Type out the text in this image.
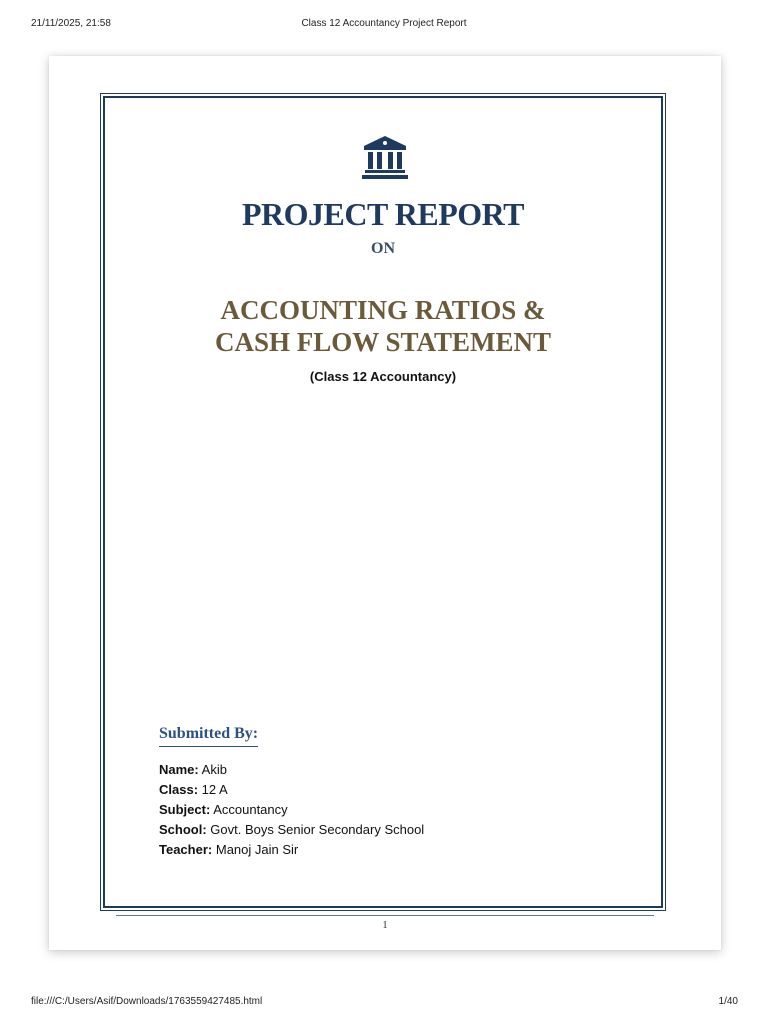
21/11/2025, 21:58	Class 12 Accountancy Project Report
PROJECT REPORT
ON
ACCOUNTING RATIOS &
CASH FLOW STATEMENT
(Class 12 Accountancy)
Submitted By:
Name: Akib
Class: 12 A
Subject: Accountancy
School: Govt. Boys Senior Secondary School
Teacher: Manoj Jain Sir
1
file:///C:/Users/Asif/Downloads/1763559427485.html	1/40
